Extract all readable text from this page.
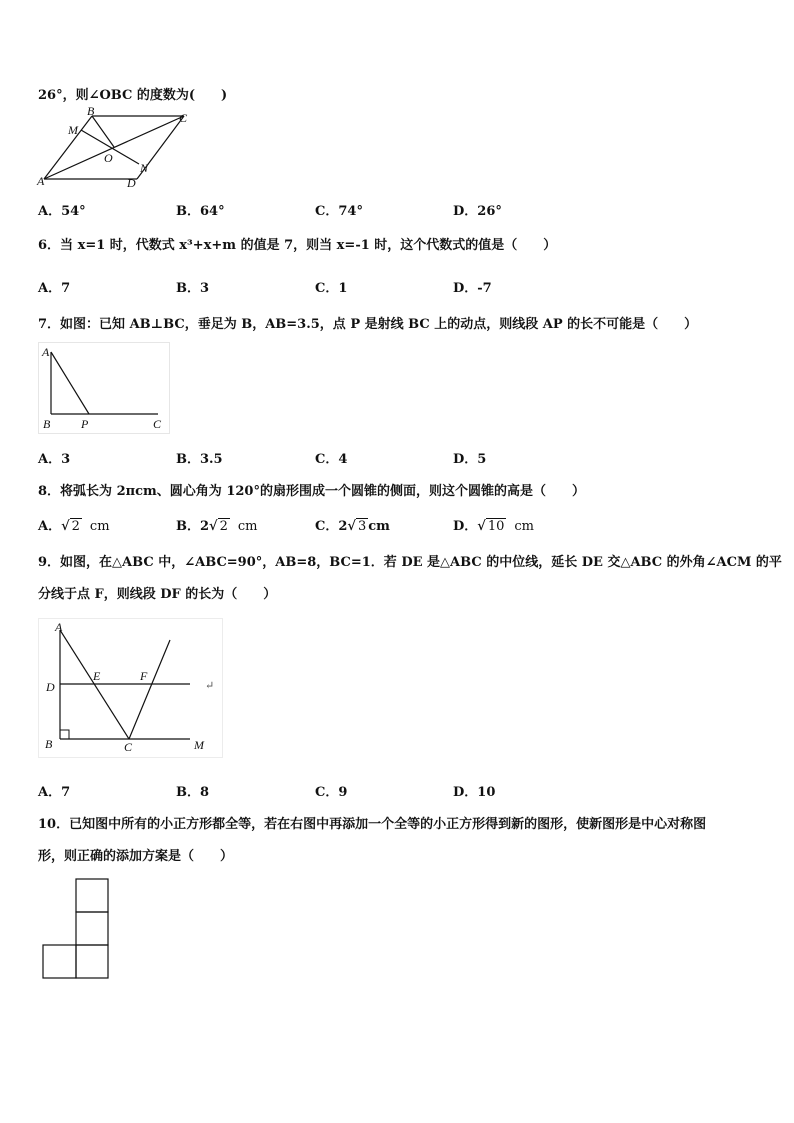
26°，则∠OBC 的度数为(　　)
B	C
M
O
N
A	D
A．54°	B．64°	C．74°	D．26°
6．当 x=1 时，代数式 x³+x+m 的值是 7，则当 x=-1 时，这个代数式的值是（　　）
A．7	B．3	C．1	D．-7
7．如图：已知 AB⊥BC，垂足为 B，AB=3.5，点 P 是射线 BC 上的动点，则线段 AP 的长不可能是（　　）
A
B	P	C
A．3	B．3.5	C．4	D．5
8．将弧长为 2πcm、圆心角为 120°的扇形围成一个圆锥的侧面，则这个圆锥的高是（　　）
A．√ 2 cm	B．2√ 2 cm	C．2√ 3 cm	D．√ 10 cm
9．如图，在△ABC 中，∠ABC=90°，AB=8，BC=1．若 DE 是△ABC 的中位线，延长 DE 交△ABC 的外角∠ACM 的平
分线于点 F，则线段 DF 的长为（　　）
A
D
E	F
B	C	M
↵
A．7	B．8	C．9	D．10
10．已知图中所有的小正方形都全等，若在右图中再添加一个全等的小正方形得到新的图形，使新图形是中心对称图
形，则正确的添加方案是（　　）
